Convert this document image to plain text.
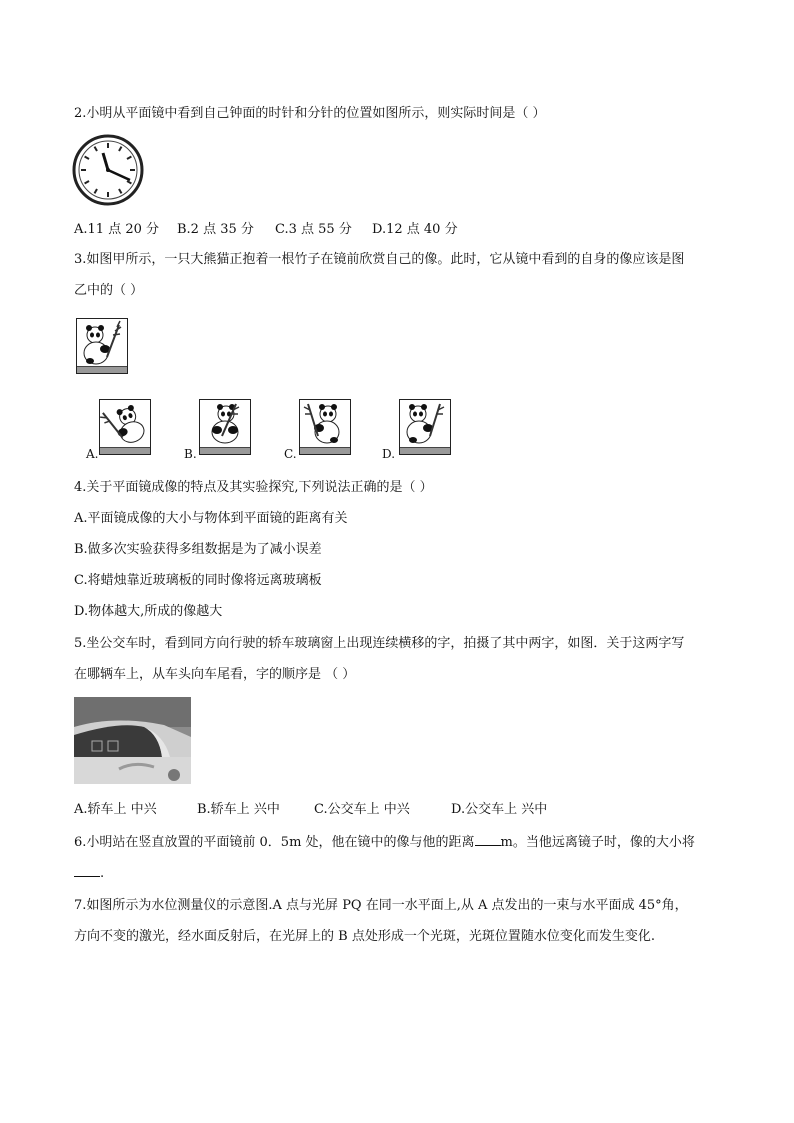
2.小明从平面镜中看到自己钟面的时针和分针的位置如图所示，则实际时间是（ ）
A.11 点 20 分 B.2 点 35 分 C.3 点 55 分 D.12 点 40 分
3.如图甲所示，一只大熊猫正抱着一根竹子在镜前欣赏自己的像。此时，它从镜中看到的自身的像应该是图
乙中的（ ）
A.	B.	C.	D.
4.关于平面镜成像的特点及其实验探究,下列说法正确的是（ ）
A.平面镜成像的大小与物体到平面镜的距离有关
B.做多次实验获得多组数据是为了减小误差
C.将蜡烛靠近玻璃板的同时像将远离玻璃板
D.物体越大,所成的像越大
5.坐公交车时，看到同方向行驶的轿车玻璃窗上出现连续横移的字，拍摄了其中两字，如图．关于这两字写
在哪辆车上，从车头向车尾看，字的顺序是 （ ）
A.轿车上 中兴	B.轿车上 兴中	C.公交车上 中兴	D.公交车上 兴中
6.小明站在竖直放置的平面镜前 0．5m 处，他在镜中的像与他的距离 m。当他远离镜子时，像的大小将
.
7.如图所示为水位测量仪的示意图.A 点与光屏 PQ 在同一水平面上,从 A 点发出的一束与水平面成 45°角，
方向不变的激光，经水面反射后，在光屏上的 B 点处形成一个光斑，光斑位置随水位变化而发生变化.
